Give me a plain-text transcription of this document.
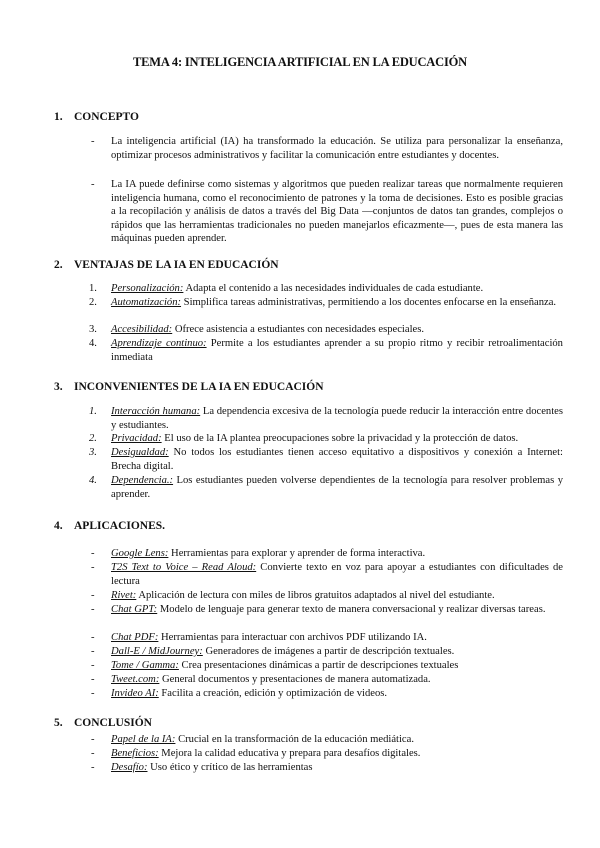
TEMA 4: INTELIGENCIA ARTIFICIAL EN LA EDUCACIÓN
1. CONCEPTO
-	La inteligencia artificial (IA) ha transformado la educación. Se utiliza para personalizar la enseñanza, optimizar procesos administrativos y facilitar la comunicación entre estudiantes y docentes.
-	La IA puede definirse como sistemas y algoritmos que pueden realizar tareas que normalmente requieren inteligencia humana, como el reconocimiento de patrones y la toma de decisiones. Esto es posible gracias a la recopilación y análisis de datos a través del Big Data —conjuntos de datos tan grandes, complejos o rápidos que las herramientas tradicionales no pueden manejarlos eficazmente—, pues de esta manera las máquinas pueden aprender.
2. VENTAJAS DE LA IA EN EDUCACIÓN
1.	Personalización: Adapta el contenido a las necesidades individuales de cada estudiante.
2.	Automatización: Simplifica tareas administrativas, permitiendo a los docentes enfocarse en la enseñanza.
3.	Accesibilidad: Ofrece asistencia a estudiantes con necesidades especiales.
4.	Aprendizaje continuo: Permite a los estudiantes aprender a su propio ritmo y recibir retroalimentación inmediata
3. INCONVENIENTES DE LA IA EN EDUCACIÓN
1.	Interacción humana: La dependencia excesiva de la tecnología puede reducir la interacción entre docentes y estudiantes.
2.	Privacidad: El uso de la IA plantea preocupaciones sobre la privacidad y la protección de datos.
3.	Desigualdad: No todos los estudiantes tienen acceso equitativo a dispositivos y conexión a Internet: Brecha digital.
4.	Dependencia.: Los estudiantes pueden volverse dependientes de la tecnología para resolver problemas y aprender.
4. APLICACIONES.
-	Google Lens: Herramientas para explorar y aprender de forma interactiva.
-	T2S Text to Voice – Read Aloud: Convierte texto en voz para apoyar a estudiantes con dificultades de lectura
-	Rivet: Aplicación de lectura con miles de libros gratuitos adaptados al nivel del estudiante.
-	Chat GPT: Modelo de lenguaje para generar texto de manera conversacional y realizar diversas tareas.
-	Chat PDF: Herramientas para interactuar con archivos PDF utilizando IA.
-	Dall-E / MidJourney: Generadores de imágenes a partir de descripción textuales.
-	Tome / Gamma: Crea presentaciones dinámicas a partir de descripciones textuales
-	Tweet.com: General documentos y presentaciones de manera automatizada.
-	Invideo AI: Facilita a creación, edición y optimización de videos.
5. CONCLUSIÓN
-	Papel de la IA: Crucial en la transformación de la educación mediática.
-	Beneficios: Mejora la calidad educativa y prepara para desafíos digitales.
-	Desafío: Uso ético y crítico de las herramientas
